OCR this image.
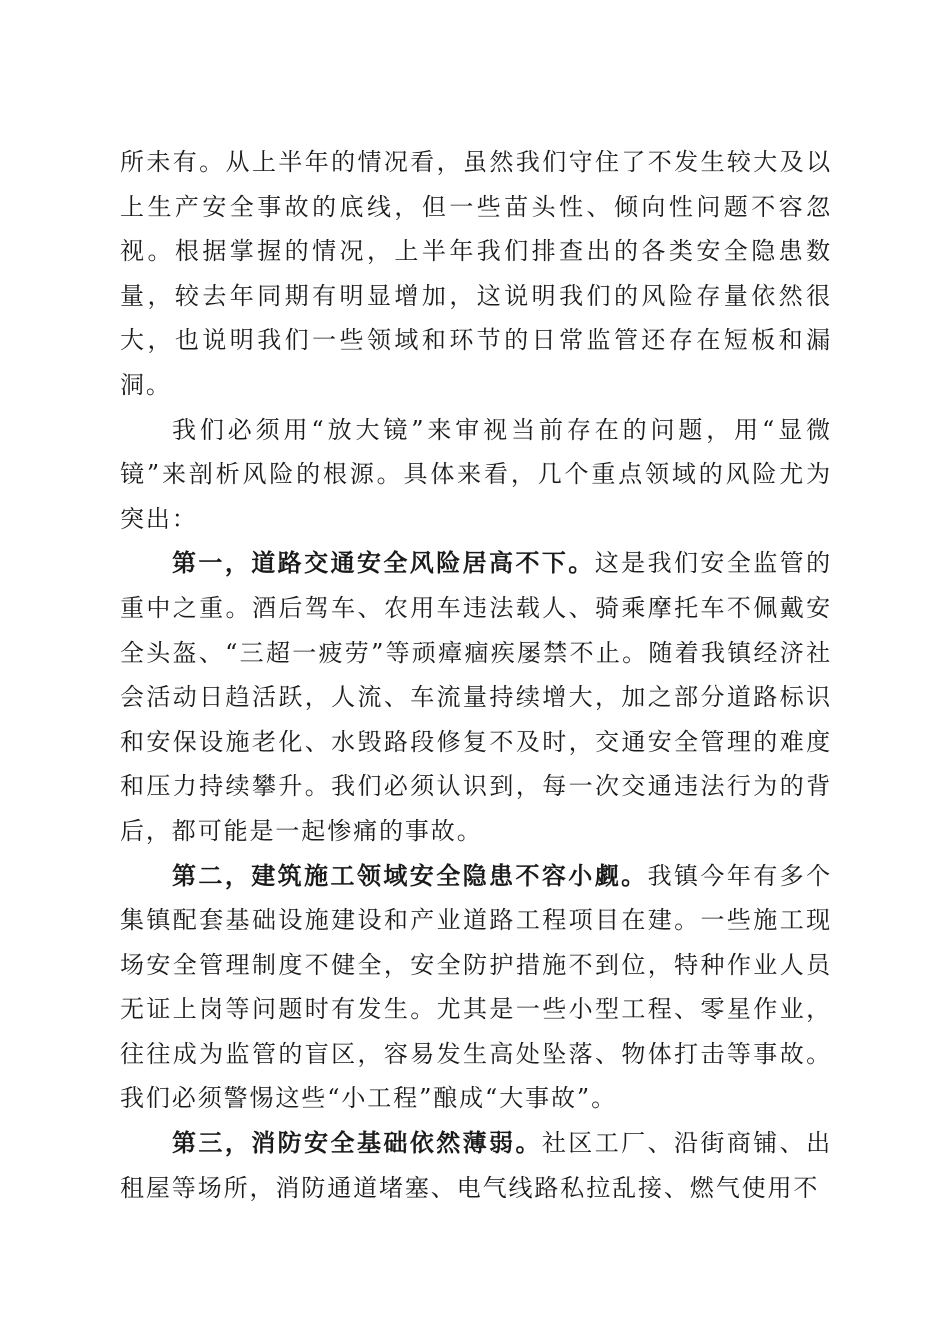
所未有。从上半年的情况看，虽然我们守住了不发生较大及以上生产安全事故的底线，但一些苗头性、倾向性问题不容忽视。根据掌握的情况，上半年我们排查出的各类安全隐患数量，较去年同期有明显增加，这说明我们的风险存量依然很大，也说明我们一些领域和环节的日常监管还存在短板和漏洞。

我们必须用“放大镜”来审视当前存在的问题，用“显微镜”来剖析风险的根源。具体来看，几个重点领域的风险尤为突出：

第一，道路交通安全风险居高不下。这是我们安全监管的重中之重。酒后驾车、农用车违法载人、骑乘摩托车不佩戴安全头盔、“三超一疲劳”等顽瘴痼疾屡禁不止。随着我镇经济社会活动日趋活跃，人流、车流量持续增大，加之部分道路标识和安保设施老化、水毁路段修复不及时，交通安全管理的难度和压力持续攀升。我们必须认识到，每一次交通违法行为的背后，都可能是一起惨痛的事故。

第二，建筑施工领域安全隐患不容小觑。我镇今年有多个集镇配套基础设施建设和产业道路工程项目在建。一些施工现场安全管理制度不健全，安全防护措施不到位，特种作业人员无证上岗等问题时有发生。尤其是一些小型工程、零星作业，往往成为监管的盲区，容易发生高处坠落、物体打击等事故。我们必须警惕这些“小工程”酿成“大事故”。

第三，消防安全基础依然薄弱。社区工厂、沿街商铺、出租屋等场所，消防通道堵塞、电气线路私拉乱接、燃气使用不
